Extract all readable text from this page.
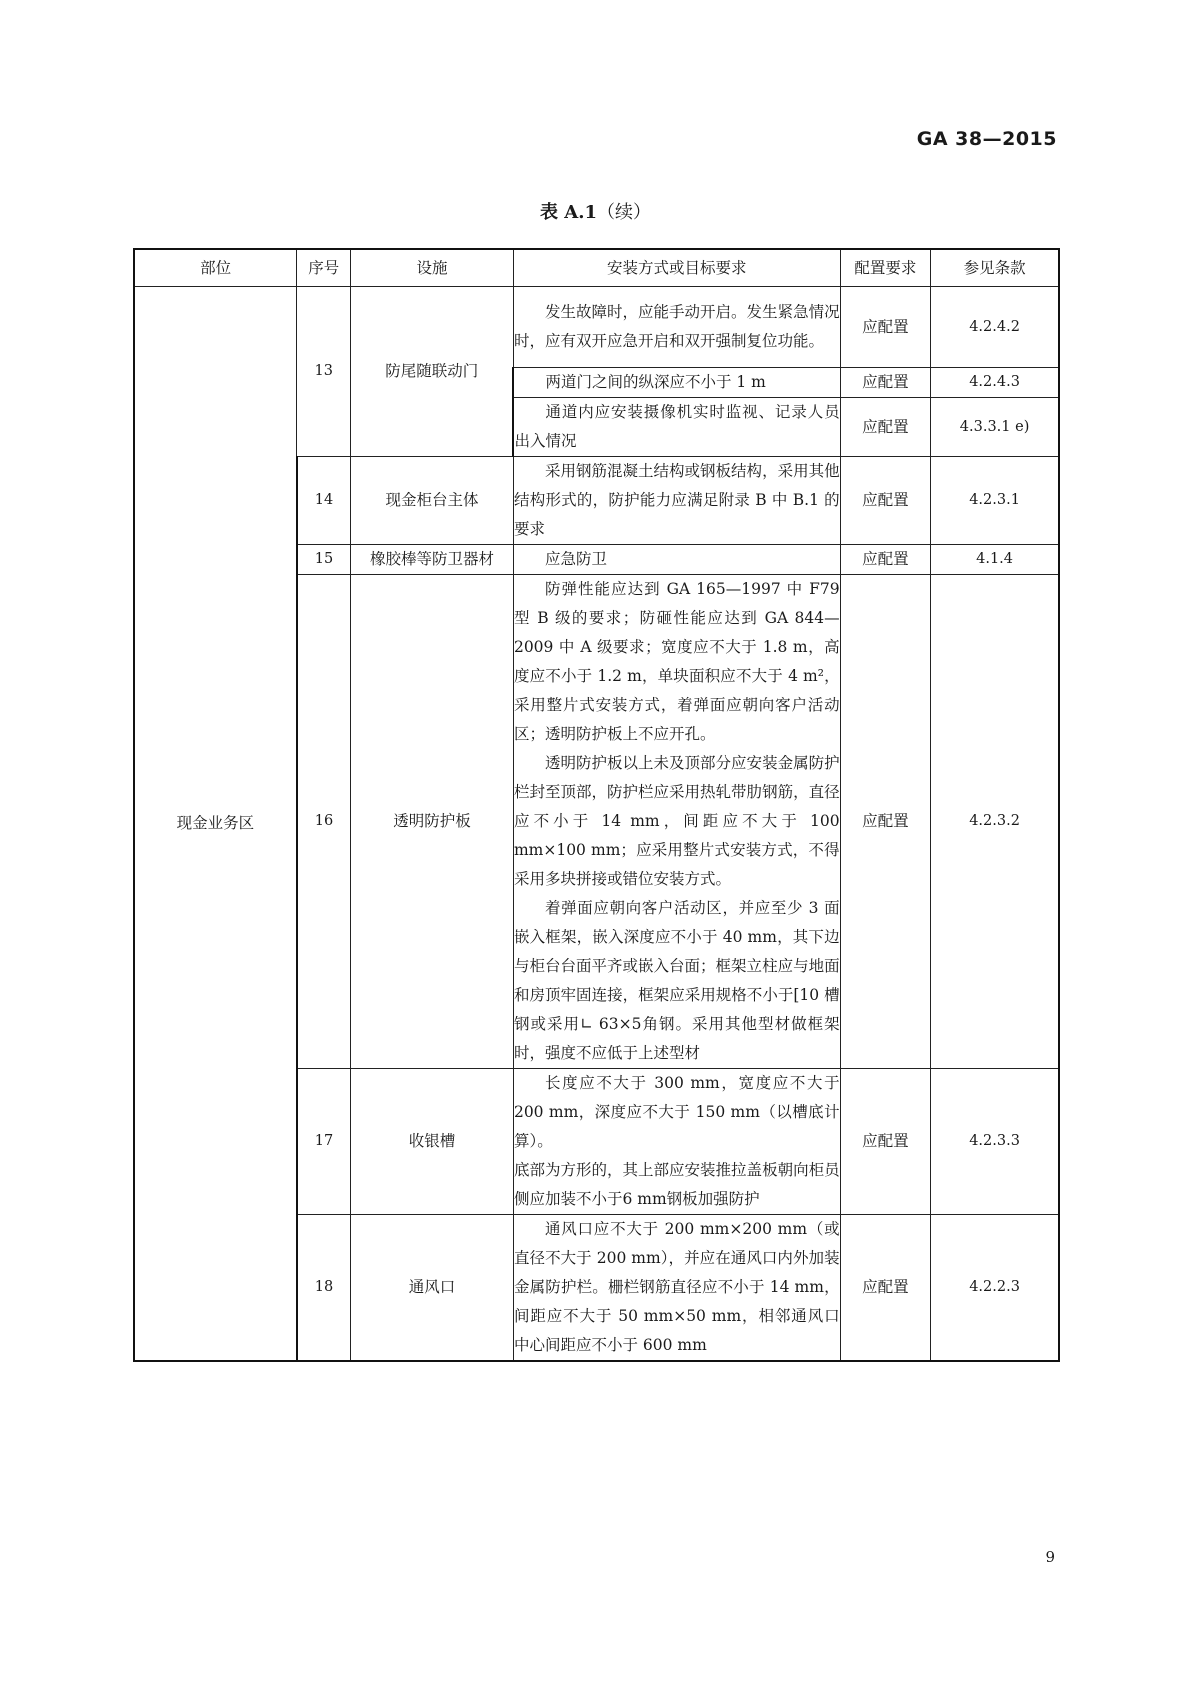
GA 38—2015
表 A.1（续）
部位	序号	设施	安装方式或目标要求	配置要求	参见条款
现金业务区	13	防尾随联动门	发生故障时，应能手动开启。发生紧急情况时，应有双开应急开启和双开强制复位功能。	应配置	4.2.4.2

			两道门之间的纵深应不小于 1 m	应配置	4.2.4.3

			通道内应安装摄像机实时监视、记录人员出入情况	应配置	4.3.3.1 e)
	14	现金柜台主体	采用钢筋混凝土结构或钢板结构，采用其他结构形式的，防护能力应满足附录 B 中 B.1 的要求	应配置	4.2.3.1
	15	橡胶棒等防卫器材	应急防卫	应配置	4.1.4
	16	透明防护板	防弹性能应达到 GA 165—1997 中 F79 型 B 级的要求；防砸性能应达到 GA 844—2009 中 A 级要求；宽度应不大于 1.8 m，高度应不小于 1.2 m，单块面积应不大于 4 m²，采用整片式安装方式，着弹面应朝向客户活动区；透明防护板上不应开孔。

透明防护板以上未及顶部分应安装金属防护栏封至顶部，防护栏应采用热轧带肋钢筋，直径应不小于 14 mm，间距应不大于 100 mm×100 mm；应采用整片式安装方式，不得采用多块拼接或错位安装方式。

着弹面应朝向客户活动区，并应至少 3 面嵌入框架，嵌入深度应不小于 40 mm，其下边与柜台台面平齐或嵌入台面；框架立柱应与地面和房顶牢固连接，框架应采用规格不小于[10 槽钢或采用∟ 63×5角钢。采用其他型材做框架时，强度不应低于上述型材	应配置	4.2.3.2
	17	收银槽	长度应不大于 300 mm，宽度应不大于 200 mm，深度应不大于 150 mm（以槽底计算）。

底部为方形的，其上部应安装推拉盖板朝向柜员侧应加装不小于6 mm钢板加强防护	应配置	4.2.3.3
	18	通风口	通风口应不大于 200 mm×200 mm（或直径不大于 200 mm），并应在通风口内外加装金属防护栏。栅栏钢筋直径应不小于 14 mm，间距应不大于 50 mm×50 mm，相邻通风口中心间距应不小于 600 mm	应配置	4.2.2.3
9
